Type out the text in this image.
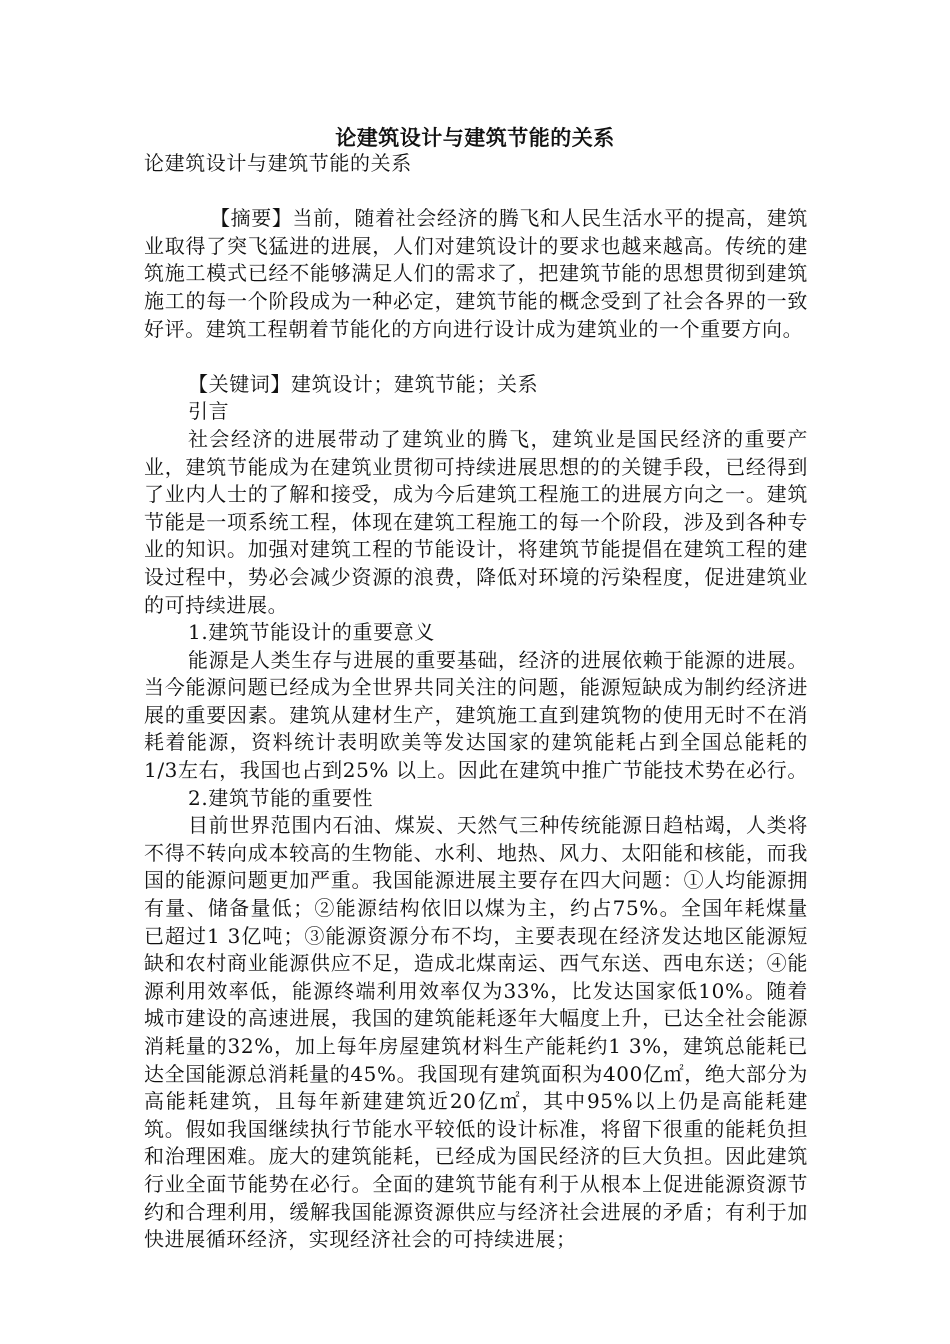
论建筑设计与建筑节能的关系

论建筑设计与建筑节能的关系

【摘要】当前，随着社会经济的腾飞和人民生活水平的提高，建筑业取得了突飞猛进的进展，人们对建筑设计的要求也越来越高。传统的建筑施工模式已经不能够满足人们的需求了，把建筑节能的思想贯彻到建筑施工的每一个阶段成为一种必定，建筑节能的概念受到了社会各界的一致好评。建筑工程朝着节能化的方向进行设计成为建筑业的一个重要方向。

【关键词】建筑设计；建筑节能；关系

引言

社会经济的进展带动了建筑业的腾飞，建筑业是国民经济的重要产业，建筑节能成为在建筑业贯彻可持续进展思想的的关键手段，已经得到了业内人士的了解和接受，成为今后建筑工程施工的进展方向之一。建筑节能是一项系统工程，体现在建筑工程施工的每一个阶段，涉及到各种专业的知识。加强对建筑工程的节能设计，将建筑节能提倡在建筑工程的建设过程中，势必会减少资源的浪费，降低对环境的污染程度，促进建筑业的可持续进展。

1.建筑节能设计的重要意义

能源是人类生存与进展的重要基础，经济的进展依赖于能源的进展。当今能源问题已经成为全世界共同关注的问题，能源短缺成为制约经济进展的重要因素。建筑从建材生产，建筑施工直到建筑物的使用无时不在消耗着能源，资料统计表明欧美等发达国家的建筑能耗占到全国总能耗的1/3左右，我国也占到25% 以上。因此在建筑中推广节能技术势在必行。

2.建筑节能的重要性

目前世界范围内石油、煤炭、天然气三种传统能源日趋枯竭，人类将不得不转向成本较高的生物能、水利、地热、风力、太阳能和核能，而我国的能源问题更加严重。我国能源进展主要存在四大问题：①人均能源拥有量、储备量低；②能源结构依旧以煤为主，约占75%。全国年耗煤量已超过1 3亿吨；③能源资源分布不均，主要表现在经济发达地区能源短缺和农村商业能源供应不足，造成北煤南运、西气东送、西电东送；④能源利用效率低，能源终端利用效率仅为33%，比发达国家低10%。随着城市建设的高速进展，我国的建筑能耗逐年大幅度上升，已达全社会能源消耗量的32%，加上每年房屋建筑材料生产能耗约1 3%，建筑总能耗已达全国能源总消耗量的45%。我国现有建筑面积为400亿㎡，绝大部分为高能耗建筑，且每年新建建筑近20亿㎡，其中95%以上仍是高能耗建筑。假如我国继续执行节能水平较低的设计标准，将留下很重的能耗负担和治理困难。庞大的建筑能耗，已经成为国民经济的巨大负担。因此建筑行业全面节能势在必行。全面的建筑节能有利于从根本上促进能源资源节约和合理利用，缓解我国能源资源供应与经济社会进展的矛盾；有利于加快进展循环经济，实现经济社会的可持续进展；
